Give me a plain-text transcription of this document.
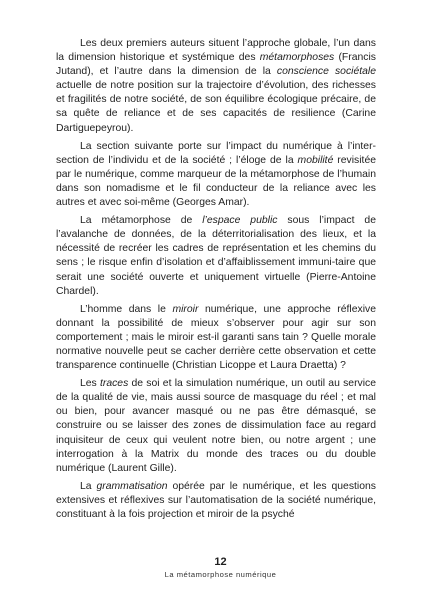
Les deux premiers auteurs situent l’approche globale, l’un dans la dimension historique et systémique des métamorphoses (Francis Jutand), et l’autre dans la dimension de la conscience sociétale actuelle de notre position sur la trajectoire d’évolution, des richesses et fragilités de notre société, de son équilibre écologique précaire, de sa quête de reliance et de ses capacités de resilience (Carine Dartiguepeyrou).

La section suivante porte sur l’impact du numérique à l’inter-section de l’individu et de la société ; l’éloge de la mobilité revisitée par le numérique, comme marqueur de la métamorphose de l’humain dans son nomadisme et le fil conducteur de la reliance avec les autres et avec soi-même (Georges Amar).

La métamorphose de l’espace public sous l’impact de l’avalanche de données, de la déterritorialisation des lieux, et la nécessité de recréer les cadres de représentation et les chemins du sens ; le risque enfin d’isolation et d’affaiblissement immuni-taire que serait une société ouverte et uniquement virtuelle (Pierre-Antoine Chardel).

L’homme dans le miroir numérique, une approche réflexive donnant la possibilité de mieux s’observer pour agir sur son comportement ; mais le miroir est-il garanti sans tain ? Quelle morale normative nouvelle peut se cacher derrière cette observation et cette transparence continuelle (Christian Licoppe et Laura Draetta) ?

Les traces de soi et la simulation numérique, un outil au service de la qualité de vie, mais aussi source de masquage du réel ; et mal ou bien, pour avancer masqué ou ne pas être démasqué, se construire ou se laisser des zones de dissimulation face au regard inquisiteur de ceux qui veulent notre bien, ou notre argent ; une interrogation à la Matrix du monde des traces ou du double numérique (Laurent Gille).

La grammatisation opérée par le numérique, et les questions extensives et réflexives sur l’automatisation de la société numérique, constituant à la fois projection et miroir de la psyché

12
La métamorphose numérique
